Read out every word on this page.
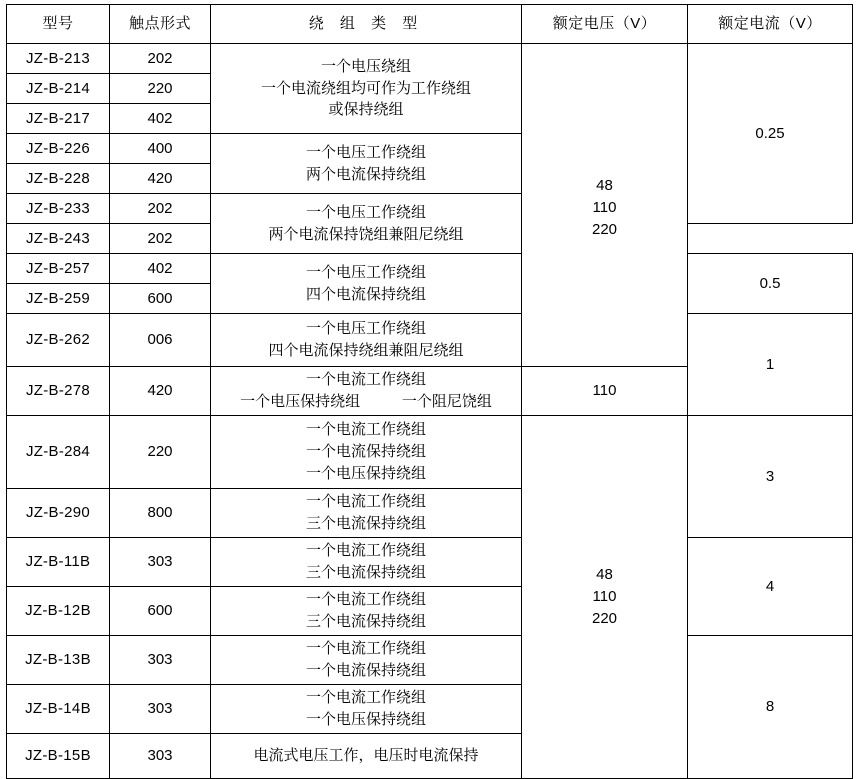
型号	触点形式	绕 组 类 型	额定电压（V）	额定电流（V）
JZ-B-213	202	一个电压绕组
一个电流绕组均可作为工作绕组
或保持绕组	48
110
220	0.25

JZ-B-214	220			
JZ-B-217	402			
JZ-B-226	400	一个电压工作绕组
两个电流保持绕组		

JZ-B-228	420			
JZ-B-233	202	一个电压工作绕组
两个电流保持饶组兼阻尼绕组		

JZ-B-243	202			
JZ-B-257	402	一个电压工作绕组
四个电流保持绕组		0.5

JZ-B-259	600			
JZ-B-262	006	一个电压工作绕组
四个电流保持绕组兼阻尼绕组		1

JZ-B-278	420	一个电流工作绕组
一个电压保持绕组          一个阻尼饶组	110	

JZ-B-284	220	一个电流工作绕组
一个电流保持绕组
一个电压保持绕组	48
110
220	3

JZ-B-290	800	一个电流工作绕组
三个电流保持绕组		

JZ-B-11B	303	一个电流工作绕组
三个电流保持绕组		4

JZ-B-12B	600	一个电流工作绕组
三个电流保持绕组		

JZ-B-13B	303	一个电流工作绕组
一个电流保持绕组		8

JZ-B-14B	303	一个电流工作绕组
一个电压保持绕组		

JZ-B-15B	303	电流式电压工作，电压时电流保持		
